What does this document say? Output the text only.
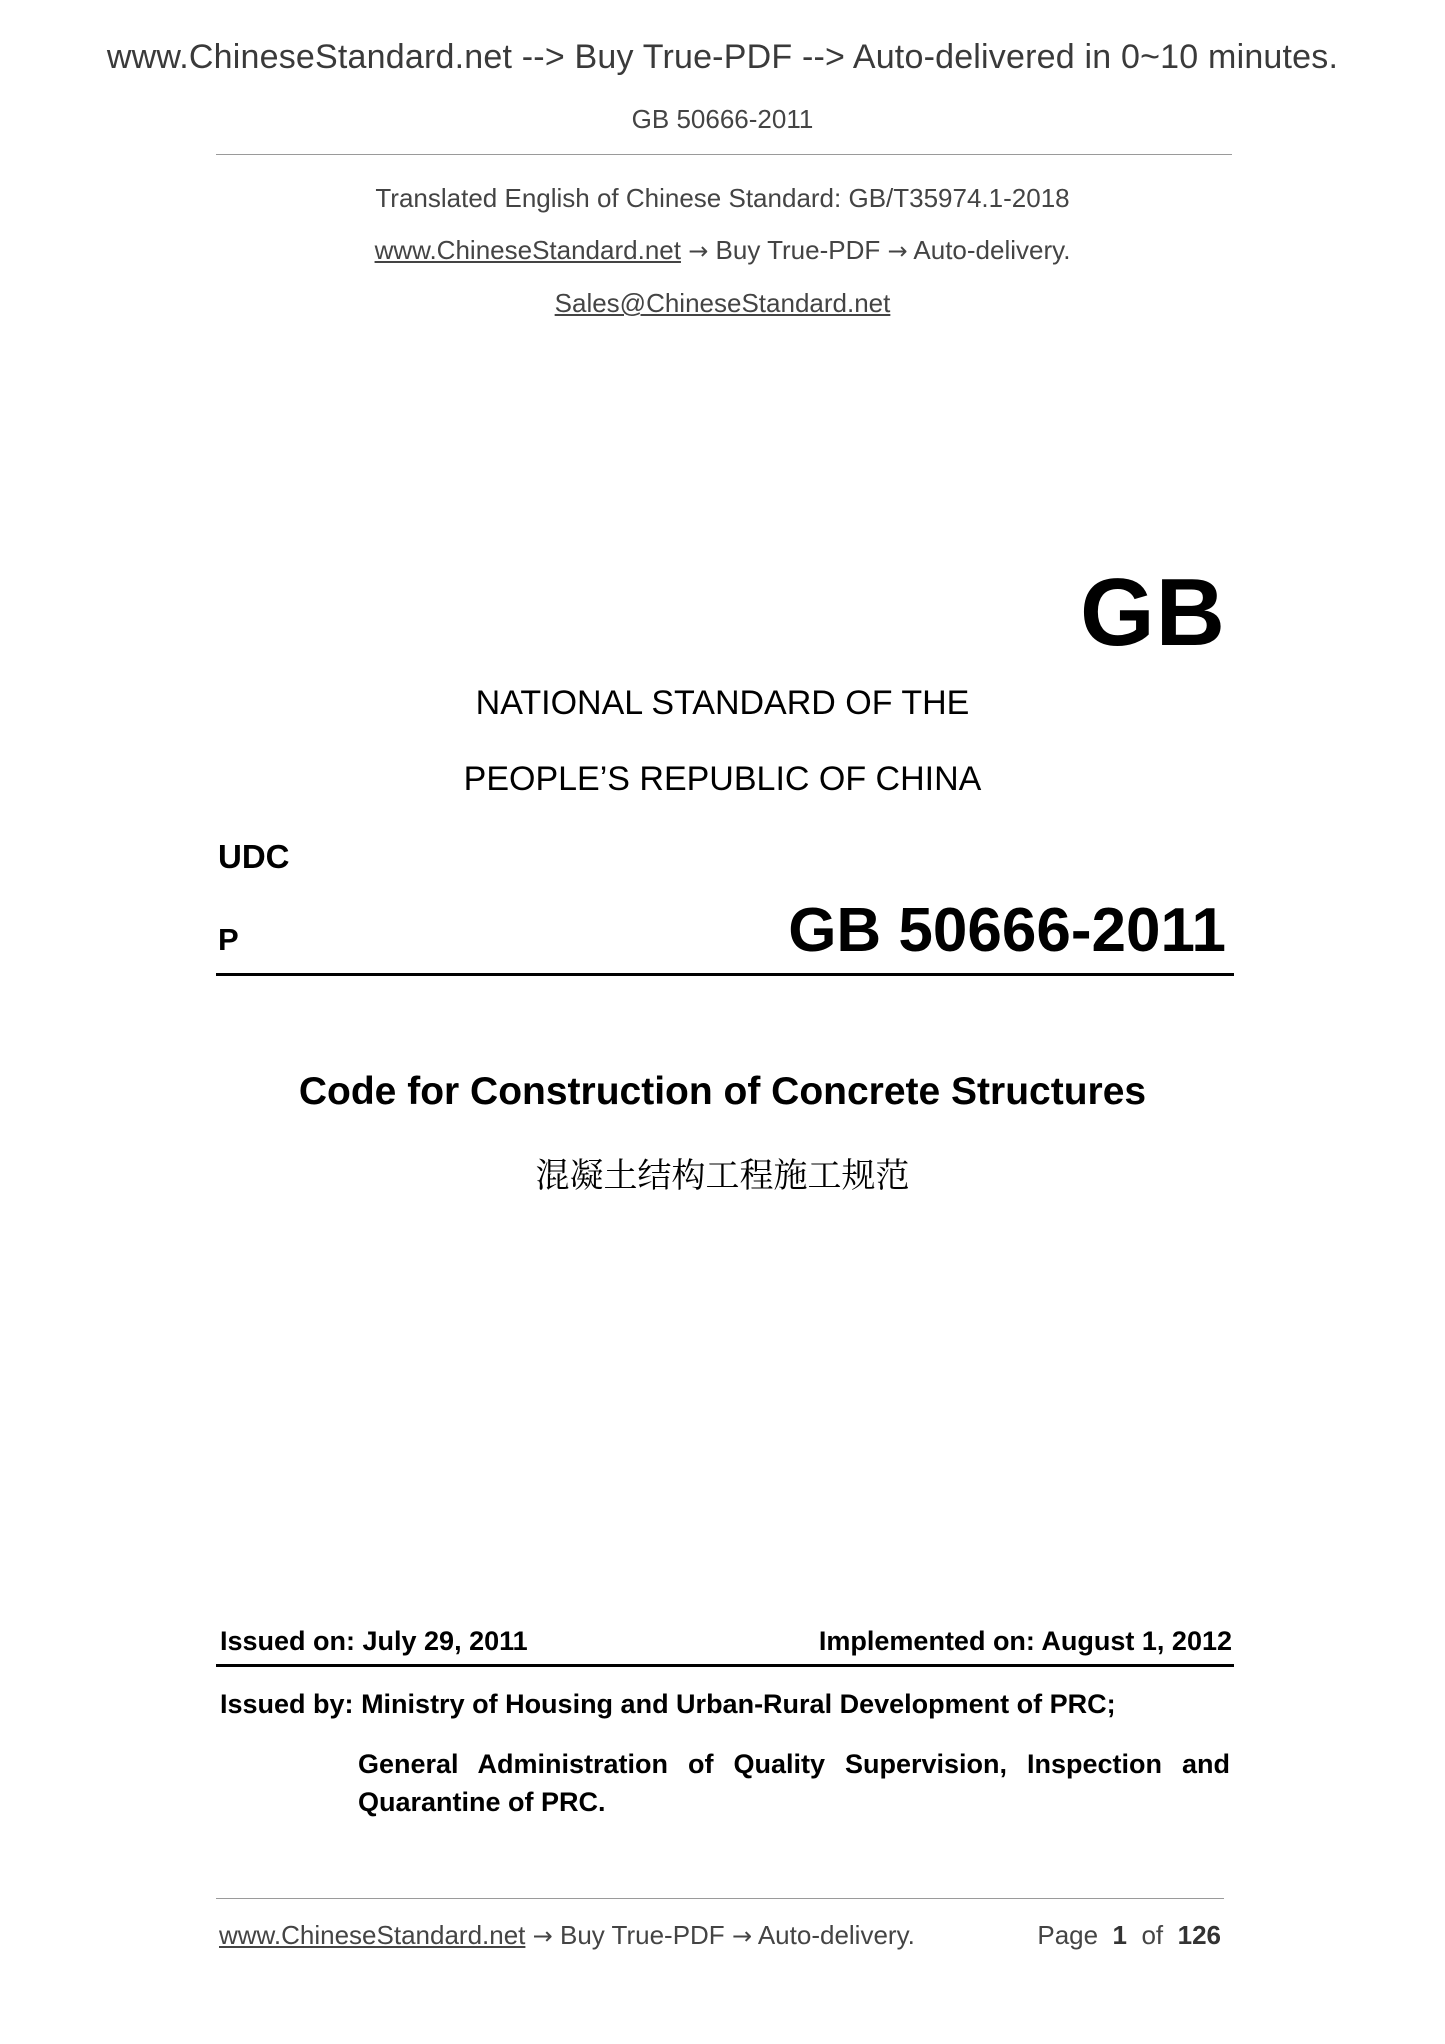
www.ChineseStandard.net --> Buy True-PDF --> Auto-delivered in 0~10 minutes.
GB 50666-2011
Translated English of Chinese Standard: GB/T35974.1-2018
www.ChineseStandard.net → Buy True-PDF → Auto-delivery.
Sales@ChineseStandard.net
GB
NATIONAL STANDARD OF THE
PEOPLE’S REPUBLIC OF CHINA
UDC
P	GB 50666-2011
Code for Construction of Concrete Structures
混凝土结构工程施工规范
Issued on: July 29, 2011	Implemented on: August 1, 2012
Issued by: Ministry of Housing and Urban-Rural Development of PRC;
General Administration of Quality Supervision, Inspection and Quarantine of PRC.
www.ChineseStandard.net → Buy True-PDF → Auto-delivery.	Page 1 of 126
